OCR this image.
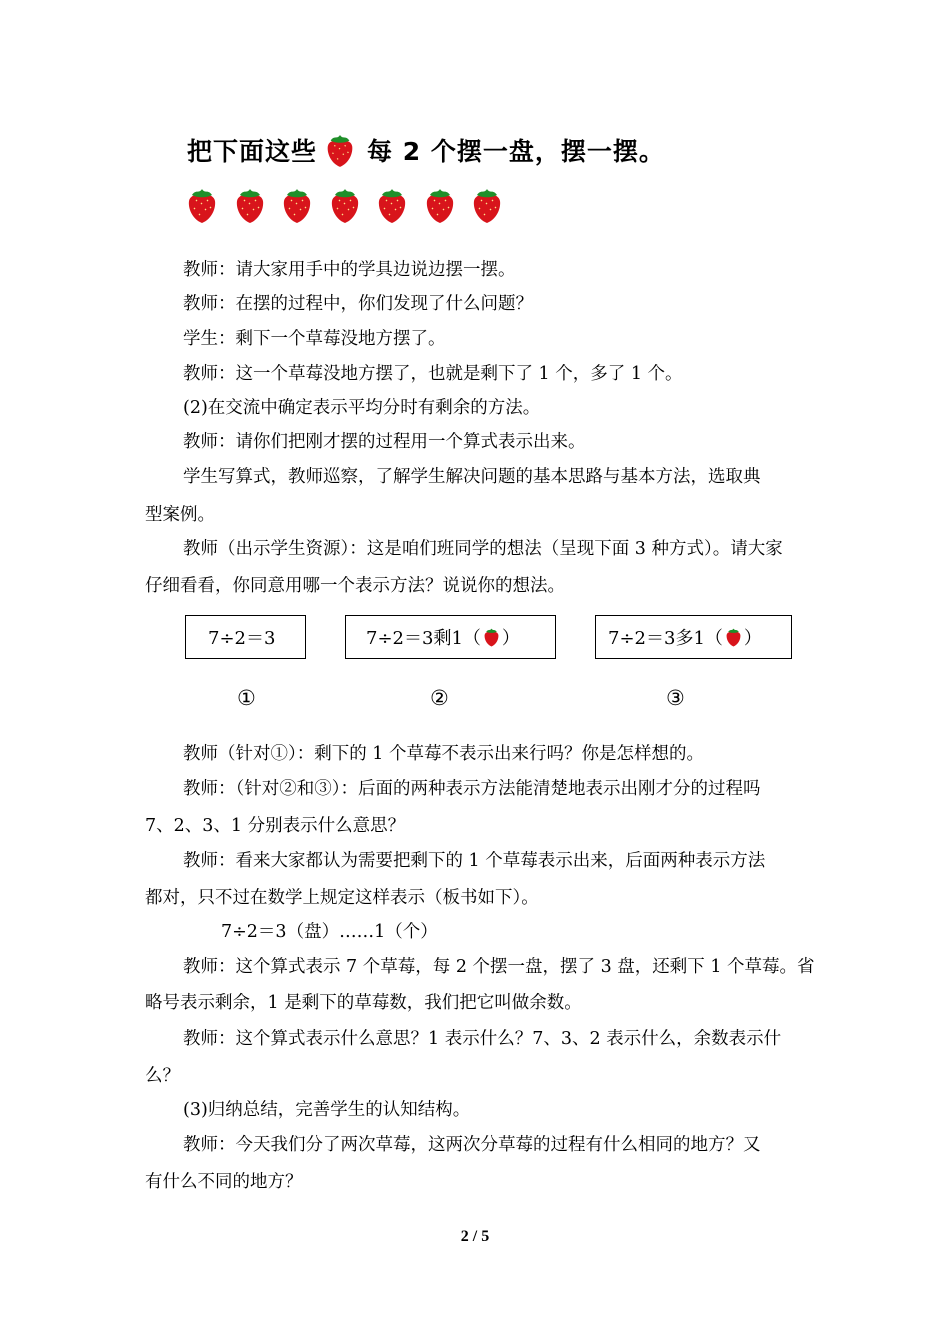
把下面这些 每 2 个摆一盘，摆一摆。
教师：请大家用手中的学具边说边摆一摆。
教师：在摆的过程中，你们发现了什么问题？
学生：剩下一个草莓没地方摆了。
教师：这一个草莓没地方摆了，也就是剩下了 1 个，多了 1 个。
(2)在交流中确定表示平均分时有剩余的方法。
教师：请你们把刚才摆的过程用一个算式表示出来。
学生写算式，教师巡察，了解学生解决问题的基本思路与基本方法，选取典
型案例。
教师（出示学生资源）：这是咱们班同学的想法（呈现下面 3 种方式）。请大家
仔细看看，你同意用哪一个表示方法？说说你的想法。
7÷2＝3	7÷2＝3剩1（ ）	7÷2＝3多1（ ）
①	②	③
教师（针对①）：剩下的 1 个草莓不表示出来行吗？你是怎样想的。
教师：（针对②和③）：后面的两种表示方法能清楚地表示出刚才分的过程吗
7、2、3、1 分别表示什么意思？
教师：看来大家都认为需要把剩下的 1 个草莓表示出来，后面两种表示方法
都对，只不过在数学上规定这样表示（板书如下）。
7÷2＝3（盘）……1（个）
教师：这个算式表示 7 个草莓，每 2 个摆一盘，摆了 3 盘，还剩下 1 个草莓。省
略号表示剩余，1 是剩下的草莓数，我们把它叫做余数。
教师：这个算式表示什么意思？1 表示什么？7、3、2 表示什么，余数表示什
么？
(3)归纳总结，完善学生的认知结构。
教师：今天我们分了两次草莓，这两次分草莓的过程有什么相同的地方？又
有什么不同的地方？
2 / 5
